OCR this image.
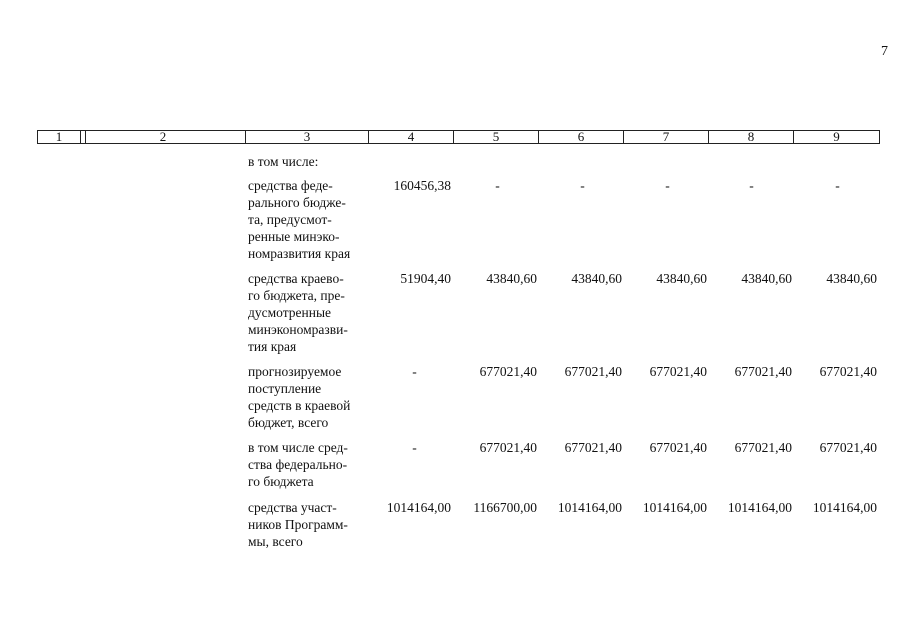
7
1	2	3	4	5	6	7	8	9
в том числе:
средства феде-
рального бюдже-
та, предусмот-
ренные минэко-
номразвития края
160456,38	-	-	-	-	-
средства краево-
го бюджета, пре-
дусмотренные
минэкономразви-
тия края
51904,40	43840,60	43840,60	43840,60	43840,60	43840,60
прогнозируемое
поступление
средств в краевой
бюджет, всего
-	677021,40	677021,40	677021,40	677021,40	677021,40
в том числе сред-
ства федерально-
го бюджета
-	677021,40	677021,40	677021,40	677021,40	677021,40
средства участ-
ников Программ-
мы, всего
1014164,00	1166700,00	1014164,00	1014164,00	1014164,00	1014164,00
